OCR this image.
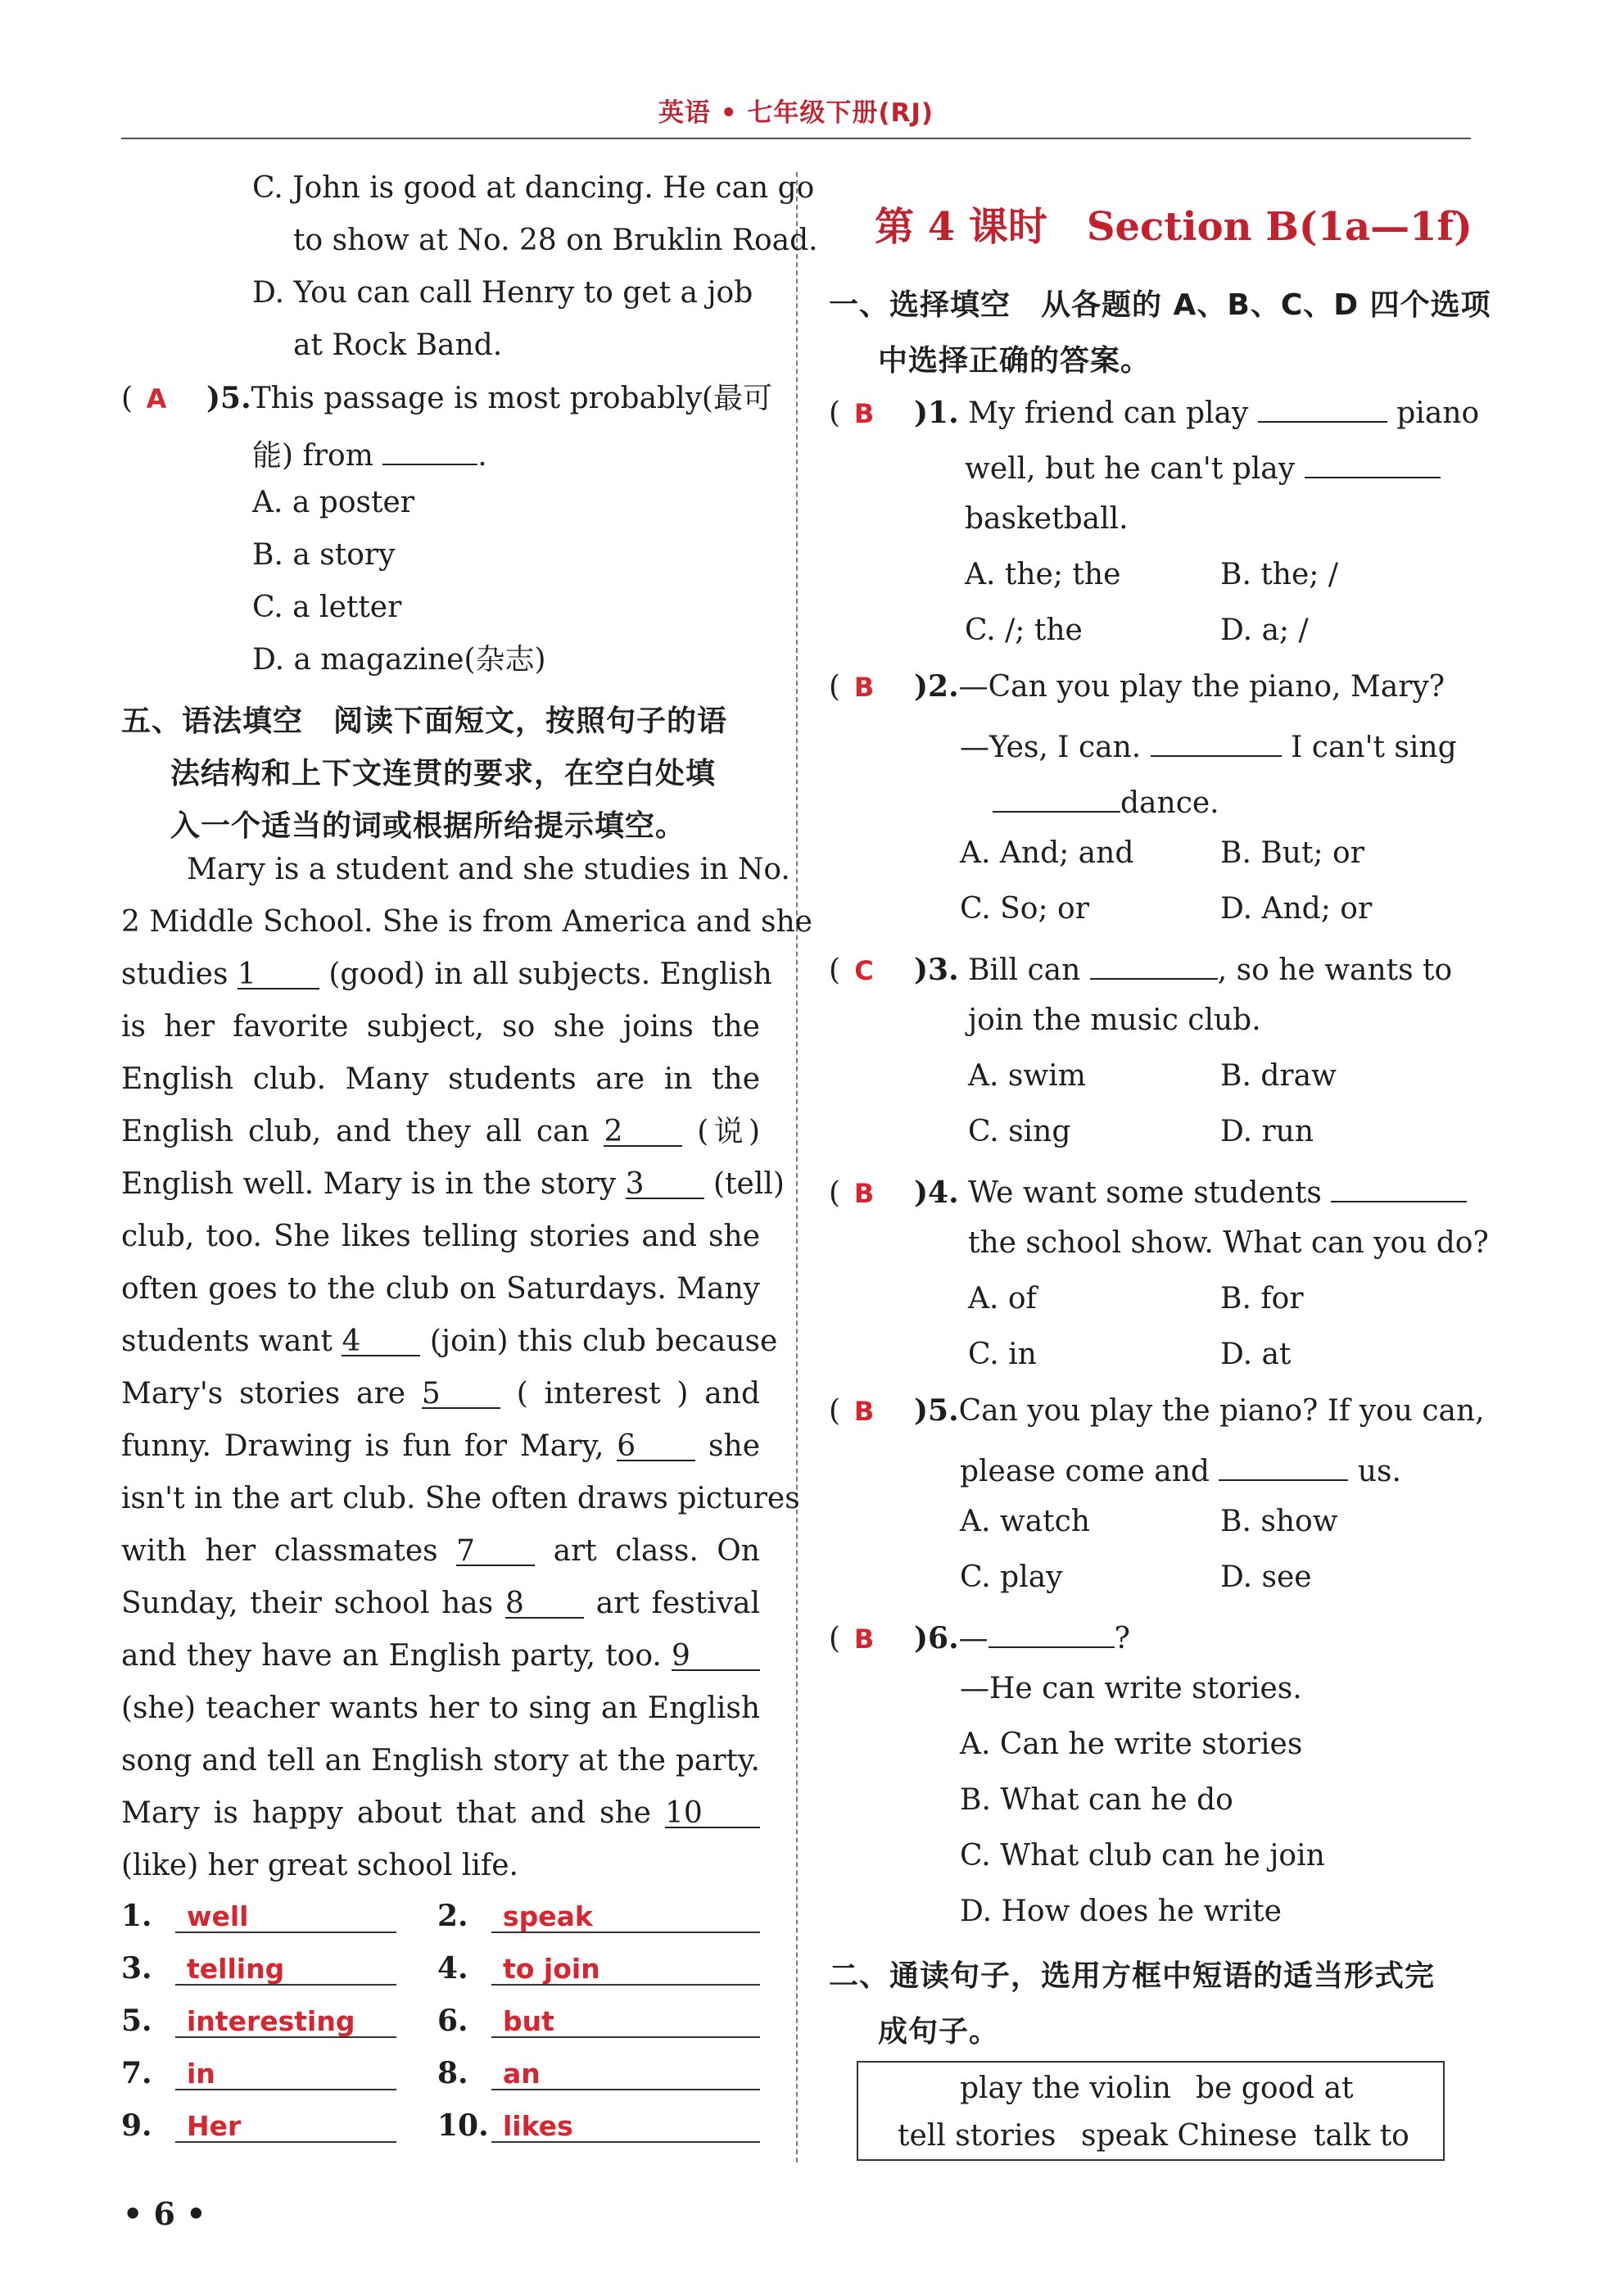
英语 • 七年级下册(RJ)
C. John is good at dancing. He can go
to show at No. 28 on Bruklin Road.
D. You can call Henry to get a job
at Rock Band.
( A )5.This passage is most probably(最可
能) from	.
A. a poster
B. a story
C. a letter
D. a magazine(杂志)
五、语法填空　阅读下面短文，按照句子的语
法结构和上下文连贯的要求，在空白处填
入一个适当的词或根据所给提示填空。
Mary is a student and she studies in No.
2 Middle School. She is from America and she
studies 1 (good) in all subjects. English
is her favorite subject, so she joins the
English club. Many students are in the
English club, and they all can 2	(说)
English well. Mary is in the story 3 (tell)
club, too. She likes telling stories and she
often goes to the club on Saturdays. Many
students want 4 (join) this club because
Mary's stories are 5	( interest ) and
funny. Drawing is fun for Mary, 6 she
isn't in the art club. She often draws pictures
with her classmates 7	art class. On
Sunday, their school has 8 art festival
and they have an English party, too. 9
(she) teacher wants her to sing an English
song and tell an English story at the party.
Mary is happy about that and she 10
(like) her great school life.
1. well	2. speak
3. telling	4. to join
5. interesting	6. but
7. in	8. an
9. Her	10. likes
• 6 •
第 4 课时　Section B(1a—1f)
一、选择填空　从各题的 A、B、C、D 四个选项
中选择正确的答案。
( B )1. My friend can play	piano
well, but he can't play
basketball.
A. the; the	B. the; /
C. /; the	D. a; /
( B )2.—Can you play the piano, Mary?
—Yes, I can.	I can't sing
dance.
A. And; and	B. But; or
C. So; or	D. And; or
( C )3. Bill can	, so he wants to
join the music club.
A. swim	B. draw
C. sing	D. run
( B )4. We want some students
the school show. What can you do?
A. of	B. for
C. in	D. at
( B )5.Can you play the piano? If you can,
please come and	us.
A. watch	B. show
C. play	D. see
( B )6.—	?
—He can write stories.
A. Can he write stories
B. What can he do
C. What club can he join
D. How does he write
二、通读句子，选用方框中短语的适当形式完
成句子。
play the violin be good at
tell stories speak Chinese talk to
